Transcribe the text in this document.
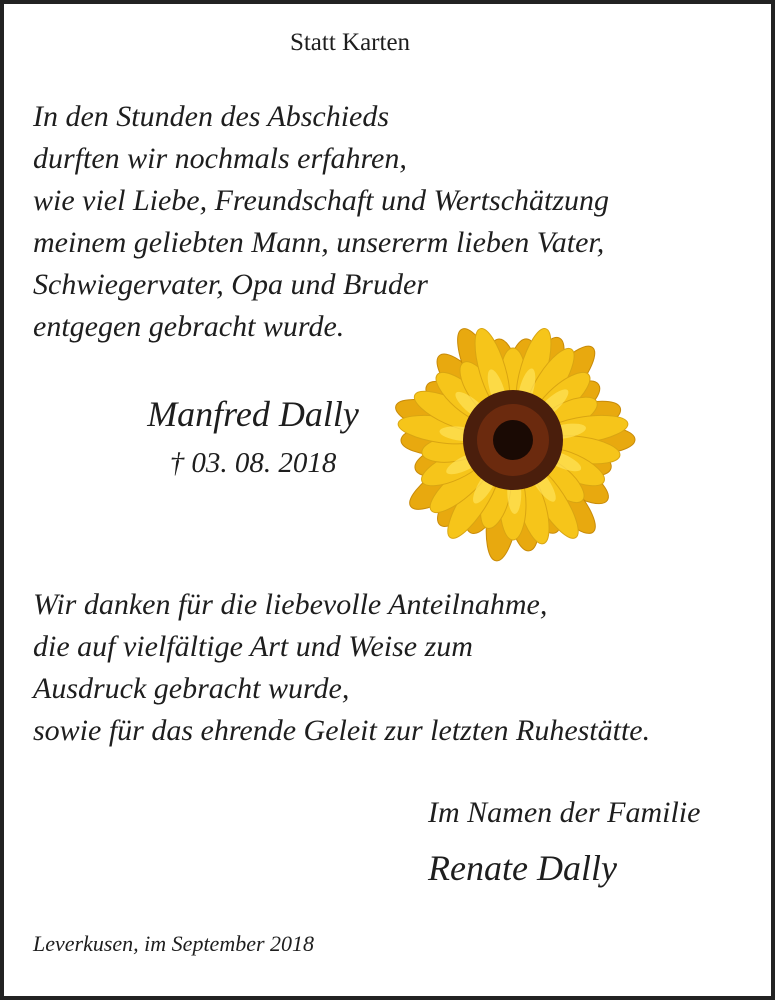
Statt Karten
In den Stunden des Abschieds
durften wir nochmals erfahren,
wie viel Liebe, Freundschaft und Wertschätzung
meinem geliebten Mann, unsererm lieben Vater,
Schwiegervater, Opa und Bruder
entgegen gebracht wurde.
Manfred Dally
† 03. 08. 2018
Wir danken für die liebevolle Anteilnahme,
die auf vielfältige Art und Weise zum
Ausdruck gebracht wurde,
sowie für das ehrende Geleit zur letzten Ruhestätte.
Im Namen der Familie
Renate Dally
Leverkusen, im September 2018
